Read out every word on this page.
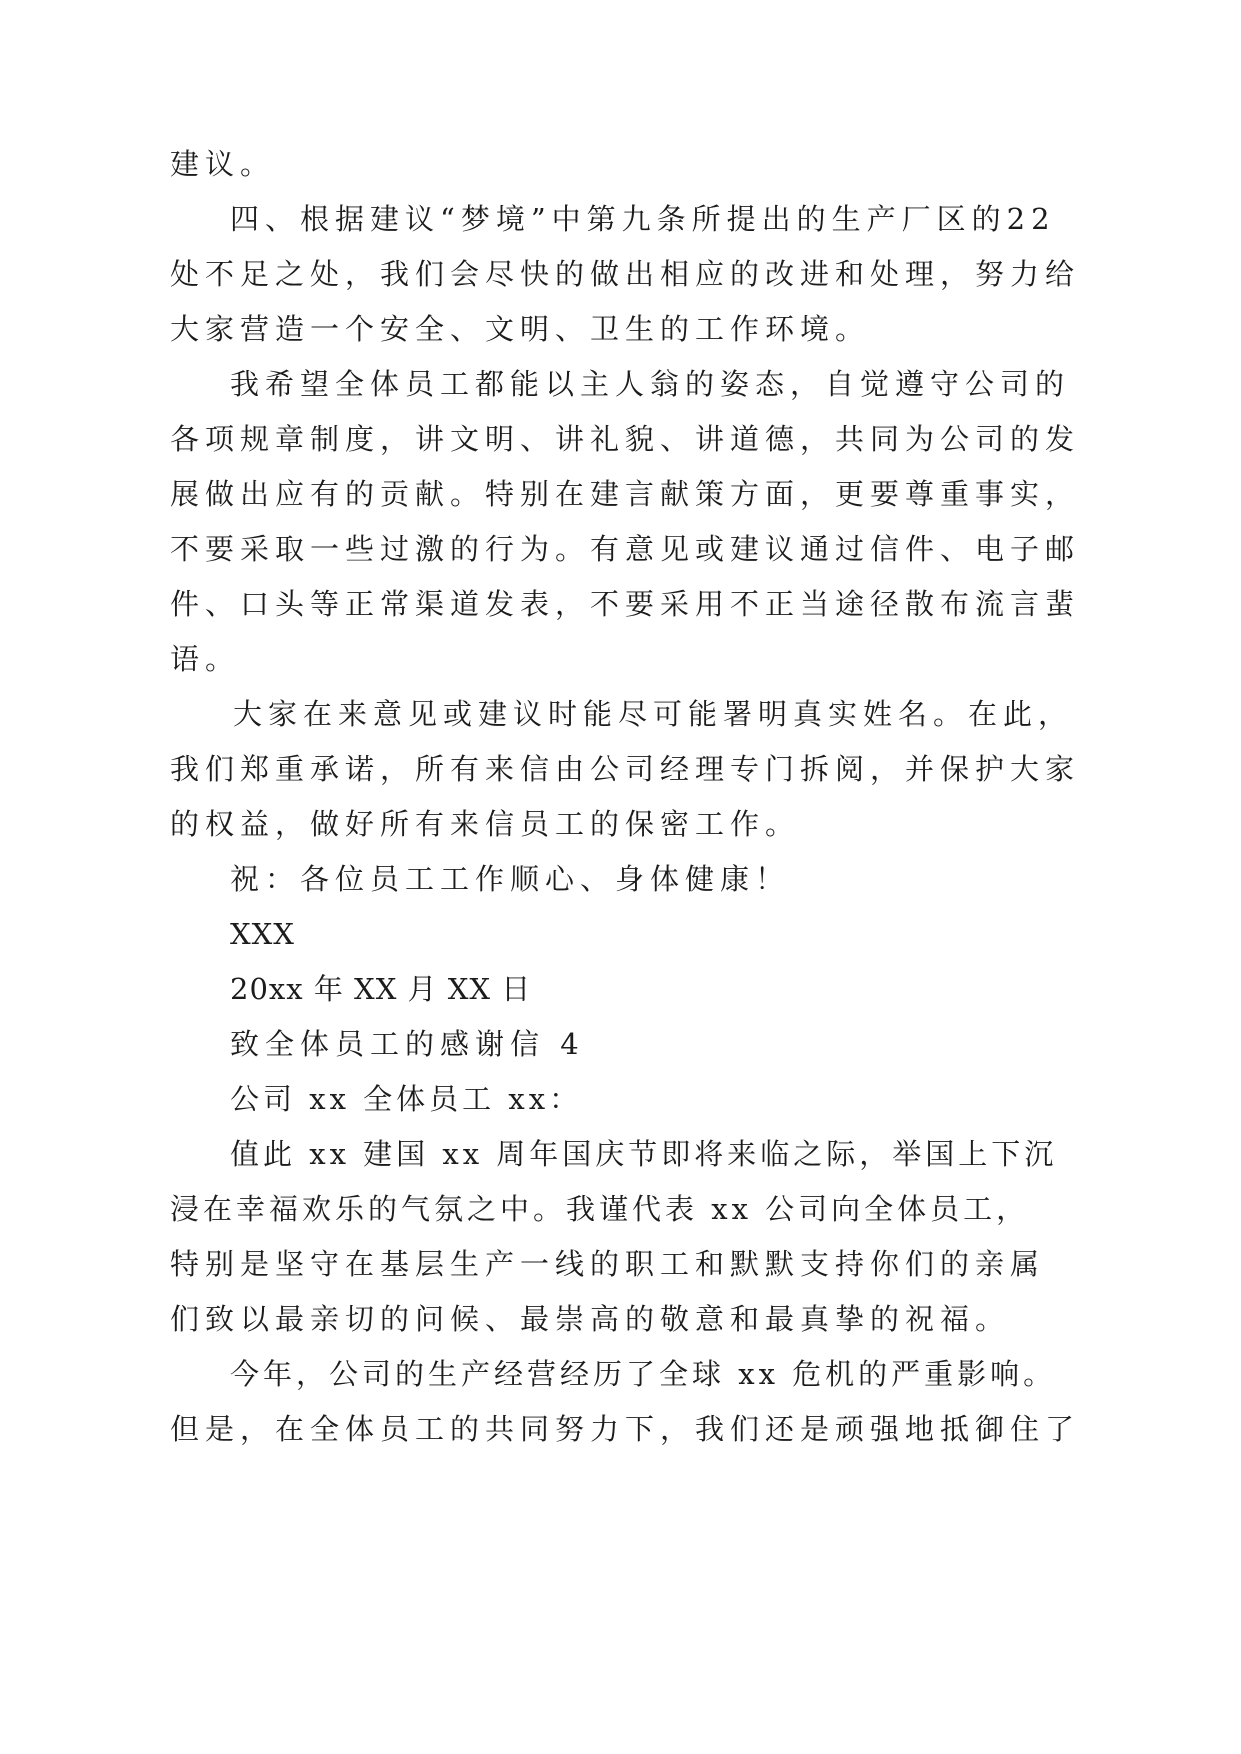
建议。

四、根据建议“梦境”中第九条所提出的生产厂区的22

处不足之处，我们会尽快的做出相应的改进和处理，努力给

大家营造一个安全、文明、卫生的工作环境。

我希望全体员工都能以主人翁的姿态，自觉遵守公司的

各项规章制度，讲文明、讲礼貌、讲道德，共同为公司的发

展做出应有的贡献。特别在建言献策方面，更要尊重事实，

不要采取一些过激的行为。有意见或建议通过信件、电子邮

件、口头等正常渠道发表，不要采用不正当途径散布流言蜚

语。

大家在来意见或建议时能尽可能署明真实姓名。在此，

我们郑重承诺，所有来信由公司经理专门拆阅，并保护大家

的权益，做好所有来信员工的保密工作。

祝：各位员工工作顺心、身体健康！

XXX

20xx 年 XX 月 XX 日

致全体员工的感谢信 4

公司 xx 全体员工 xx：

值此 xx 建国 xx 周年国庆节即将来临之际，举国上下沉

浸在幸福欢乐的气氛之中。我谨代表 xx 公司向全体员工，

特别是坚守在基层生产一线的职工和默默支持你们的亲属

们致以最亲切的问候、最崇高的敬意和最真挚的祝福。

今年，公司的生产经营经历了全球 xx 危机的严重影响。

但是，在全体员工的共同努力下，我们还是顽强地抵御住了
